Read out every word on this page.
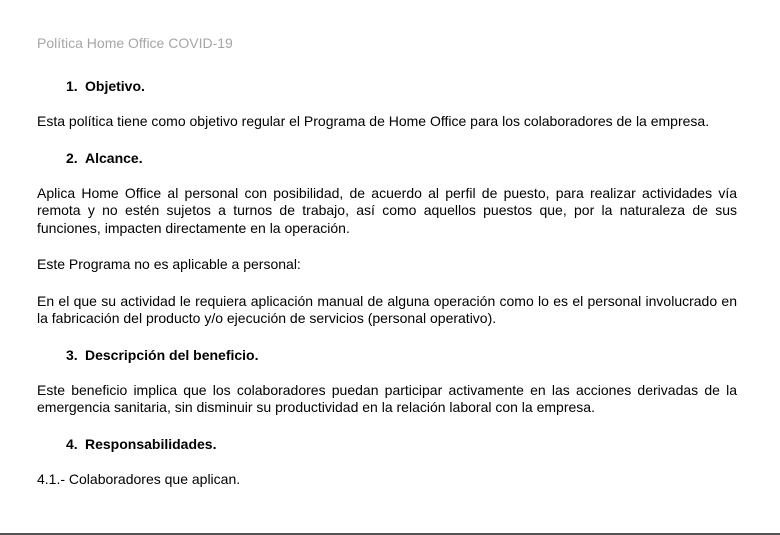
Política Home Office COVID-19
1. Objetivo.

Esta política tiene como objetivo regular el Programa de Home Office para los colaboradores de la empresa.

2. Alcance.

Aplica Home Office al personal con posibilidad, de acuerdo al perfil de puesto, para realizar actividades vía remota y no estén sujetos a turnos de trabajo, así como aquellos puestos que, por la naturaleza de sus funciones, impacten directamente en la operación.

Este Programa no es aplicable a personal:

En el que su actividad le requiera aplicación manual de alguna operación como lo es el personal involucrado en la fabricación del producto y/o ejecución de servicios (personal operativo).

3. Descripción del beneficio.

Este beneficio implica que los colaboradores puedan participar activamente en las acciones derivadas de la emergencia sanitaria, sin disminuir su productividad en la relación laboral con la empresa.

4. Responsabilidades.

4.1.- Colaboradores que aplican.
